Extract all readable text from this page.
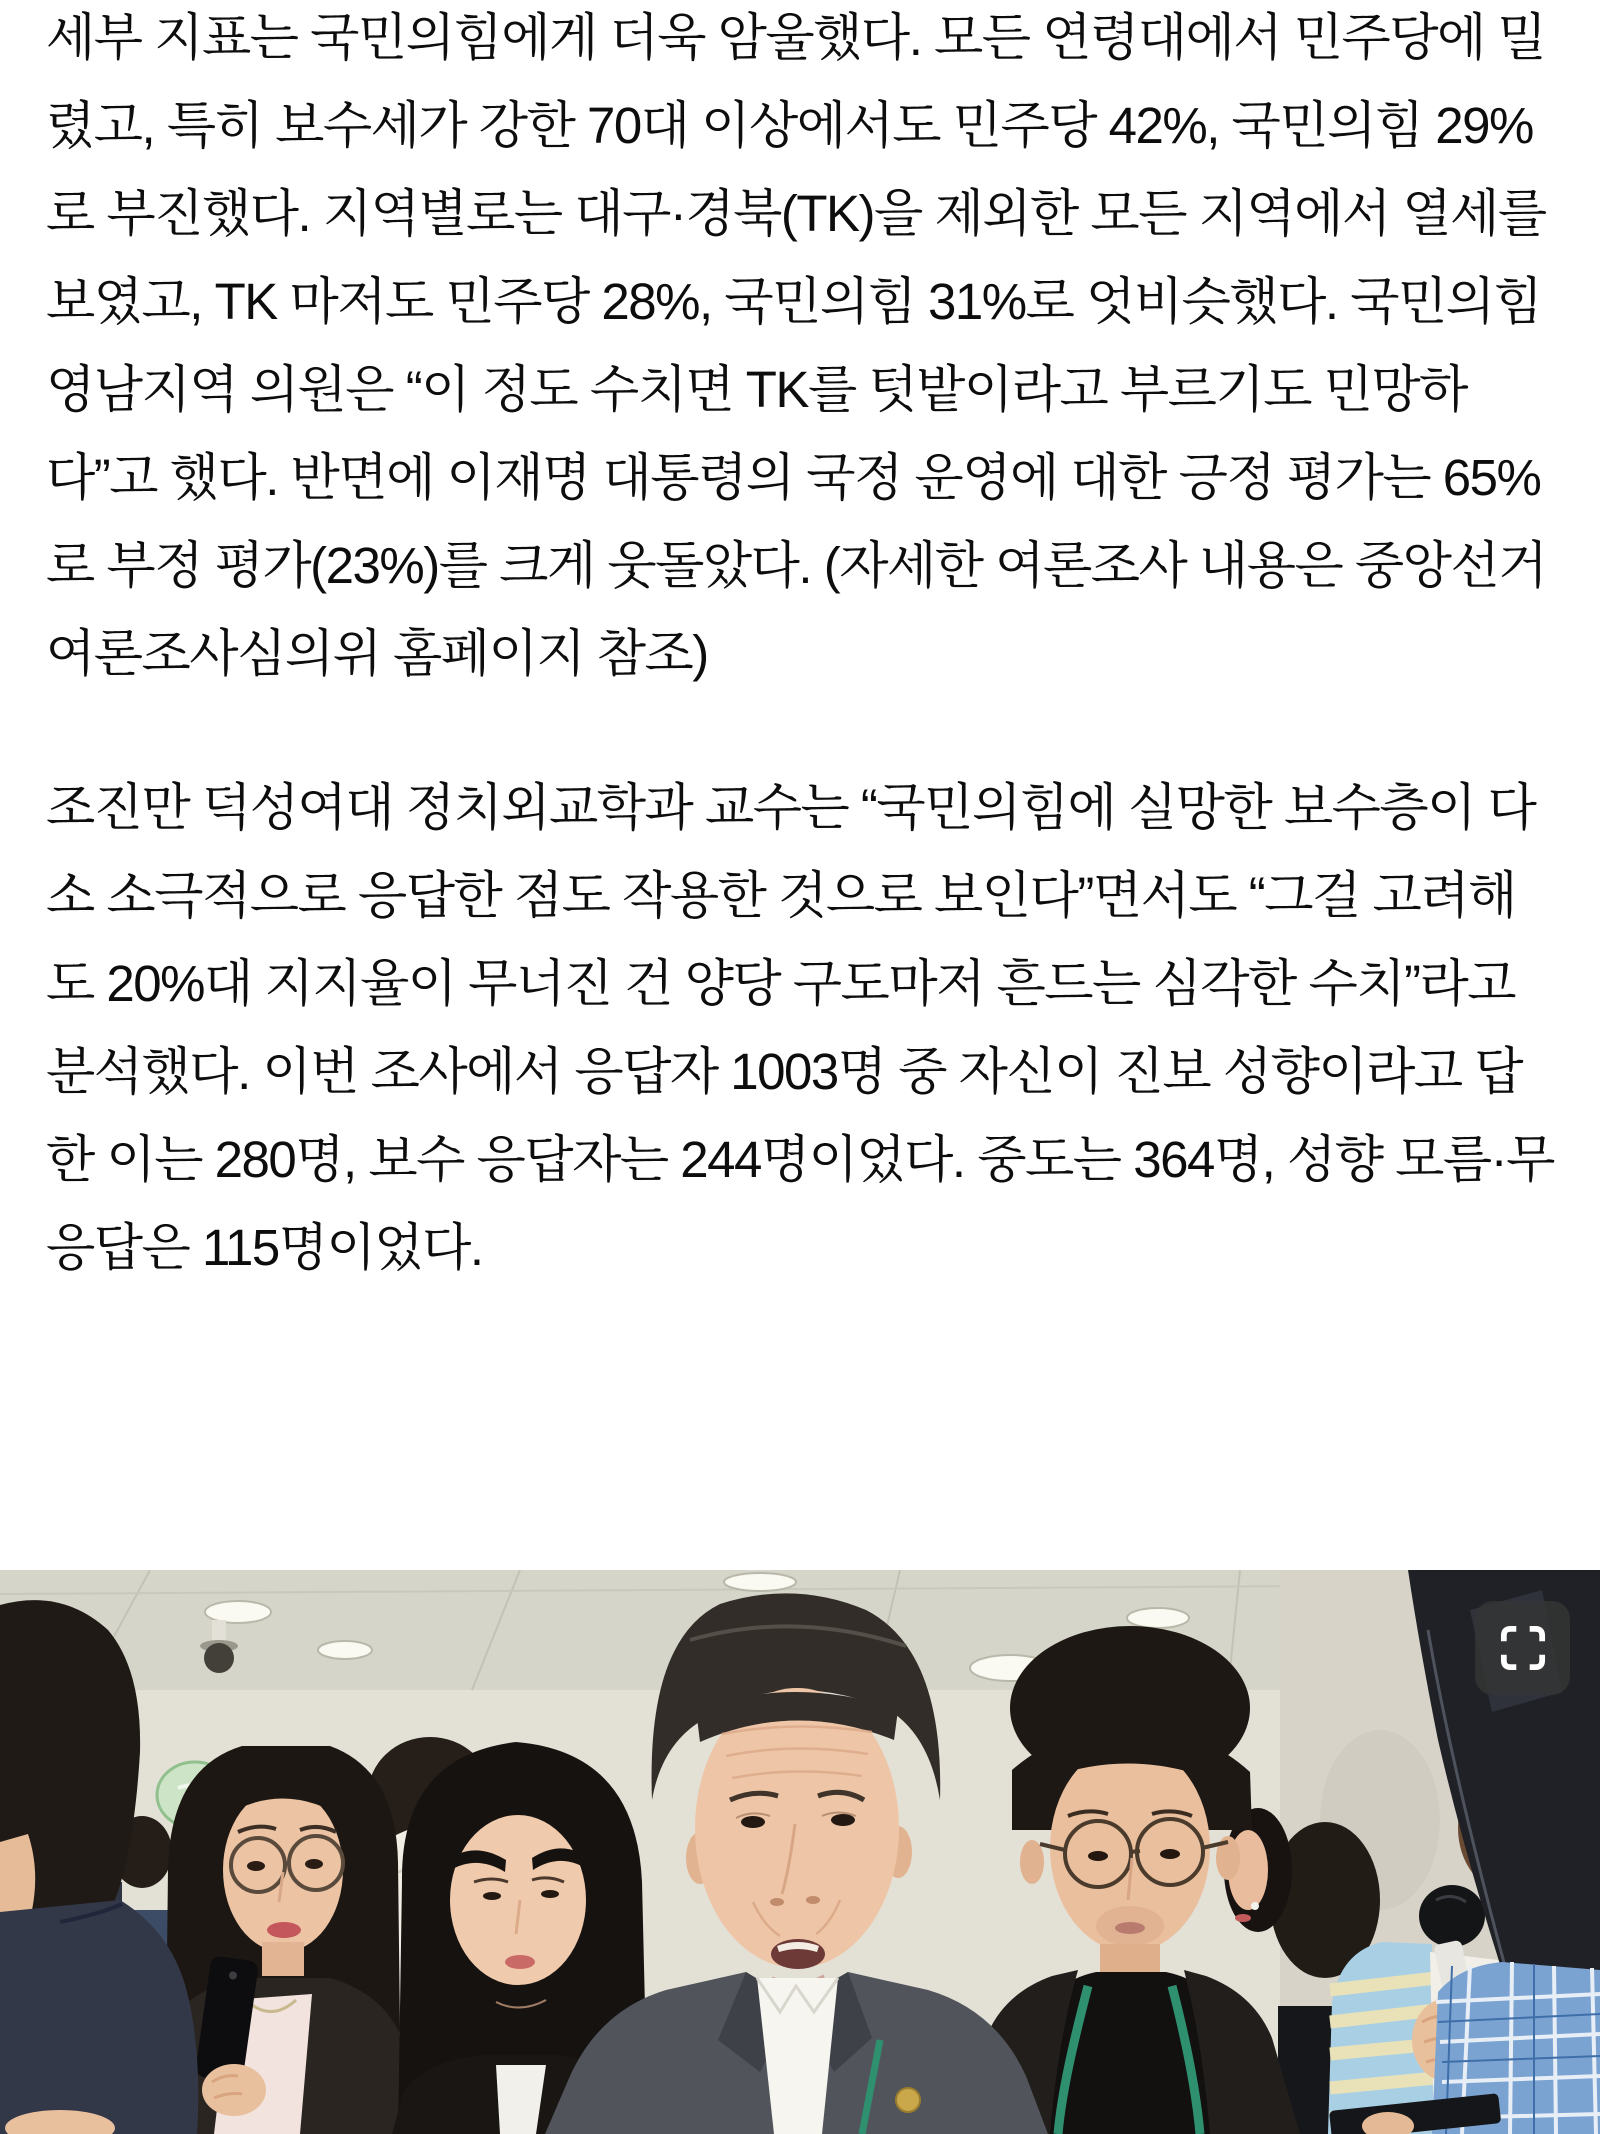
세부 지표는 국민의힘에게 더욱 암울했다. 모든 연령대에서 민주당에 밀렸고, 특히 보수세가 강한 70대 이상에서도 민주당 42%, 국민의힘 29%로 부진했다. 지역별로는 대구·경북(TK)을 제외한 모든 지역에서 열세를 보였고, TK 마저도 민주당 28%, 국민의힘 31%로 엇비슷했다. 국민의힘 영남지역 의원은 “이 정도 수치면 TK를 텃밭이라고 부르기도 민망하다”고 했다. 반면에 이재명 대통령의 국정 운영에 대한 긍정 평가는 65%로 부정 평가(23%)를 크게 웃돌았다. (자세한 여론조사 내용은 중앙선거여론조사심의위 홈페이지 참조)

조진만 덕성여대 정치외교학과 교수는 “국민의힘에 실망한 보수층이 다소 소극적으로 응답한 점도 작용한 것으로 보인다”면서도 “그걸 고려해도 20%대 지지율이 무너진 건 양당 구도마저 흔드는 심각한 수치”라고 분석했다. 이번 조사에서 응답자 1003명 중 자신이 진보 성향이라고 답한 이는 280명, 보수 응답자는 244명이었다. 중도는 364명, 성향 모름·무응답은 115명이었다.
